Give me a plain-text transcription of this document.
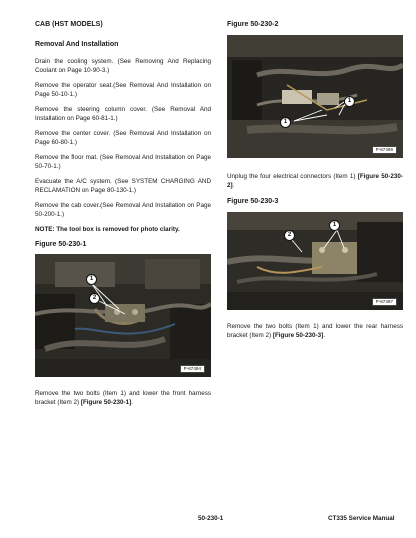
CAB (HST MODELS)

Removal And Installation

Drain the cooling system. (See Removing And Replacing Coolant on Page 10-90-3.)

Remove the operator seat.(See Removal And Installation on Page 50-10-1.)

Remove the steering column cover. (See Removal And Installation on Page 60-81-1.)

Remove the center cover. (See Removal And Installation on Page 60-80-1.)

Remove the floor mat. (See Removal And Installation on Page 50-70-1.)

Evacuate the A/C system. (See SYSTEM CHARGING AND RECLAMATION on Page 80-130-1.)

Remove the cab cover.(See Removal And Installation on Page 50-200-1.)

NOTE: The tool box is removed for photo clarity.

Figure 50-230-1

1
2
P-67494

Remove the two bolts (Item 1) and lower the front harness bracket (Item 2) [Figure 50-230-1].

Figure 50-230-2

1
1
P-67496

Unplug the four electrical connectors (Item 1) [Figure 50-230-2].

Figure 50-230-3

1
2
P-67497

Remove the two bolts (Item 1) and lower the rear harness bracket (Item 2) [Figure 50-230-3].

50-230-1	CT335 Service Manual
